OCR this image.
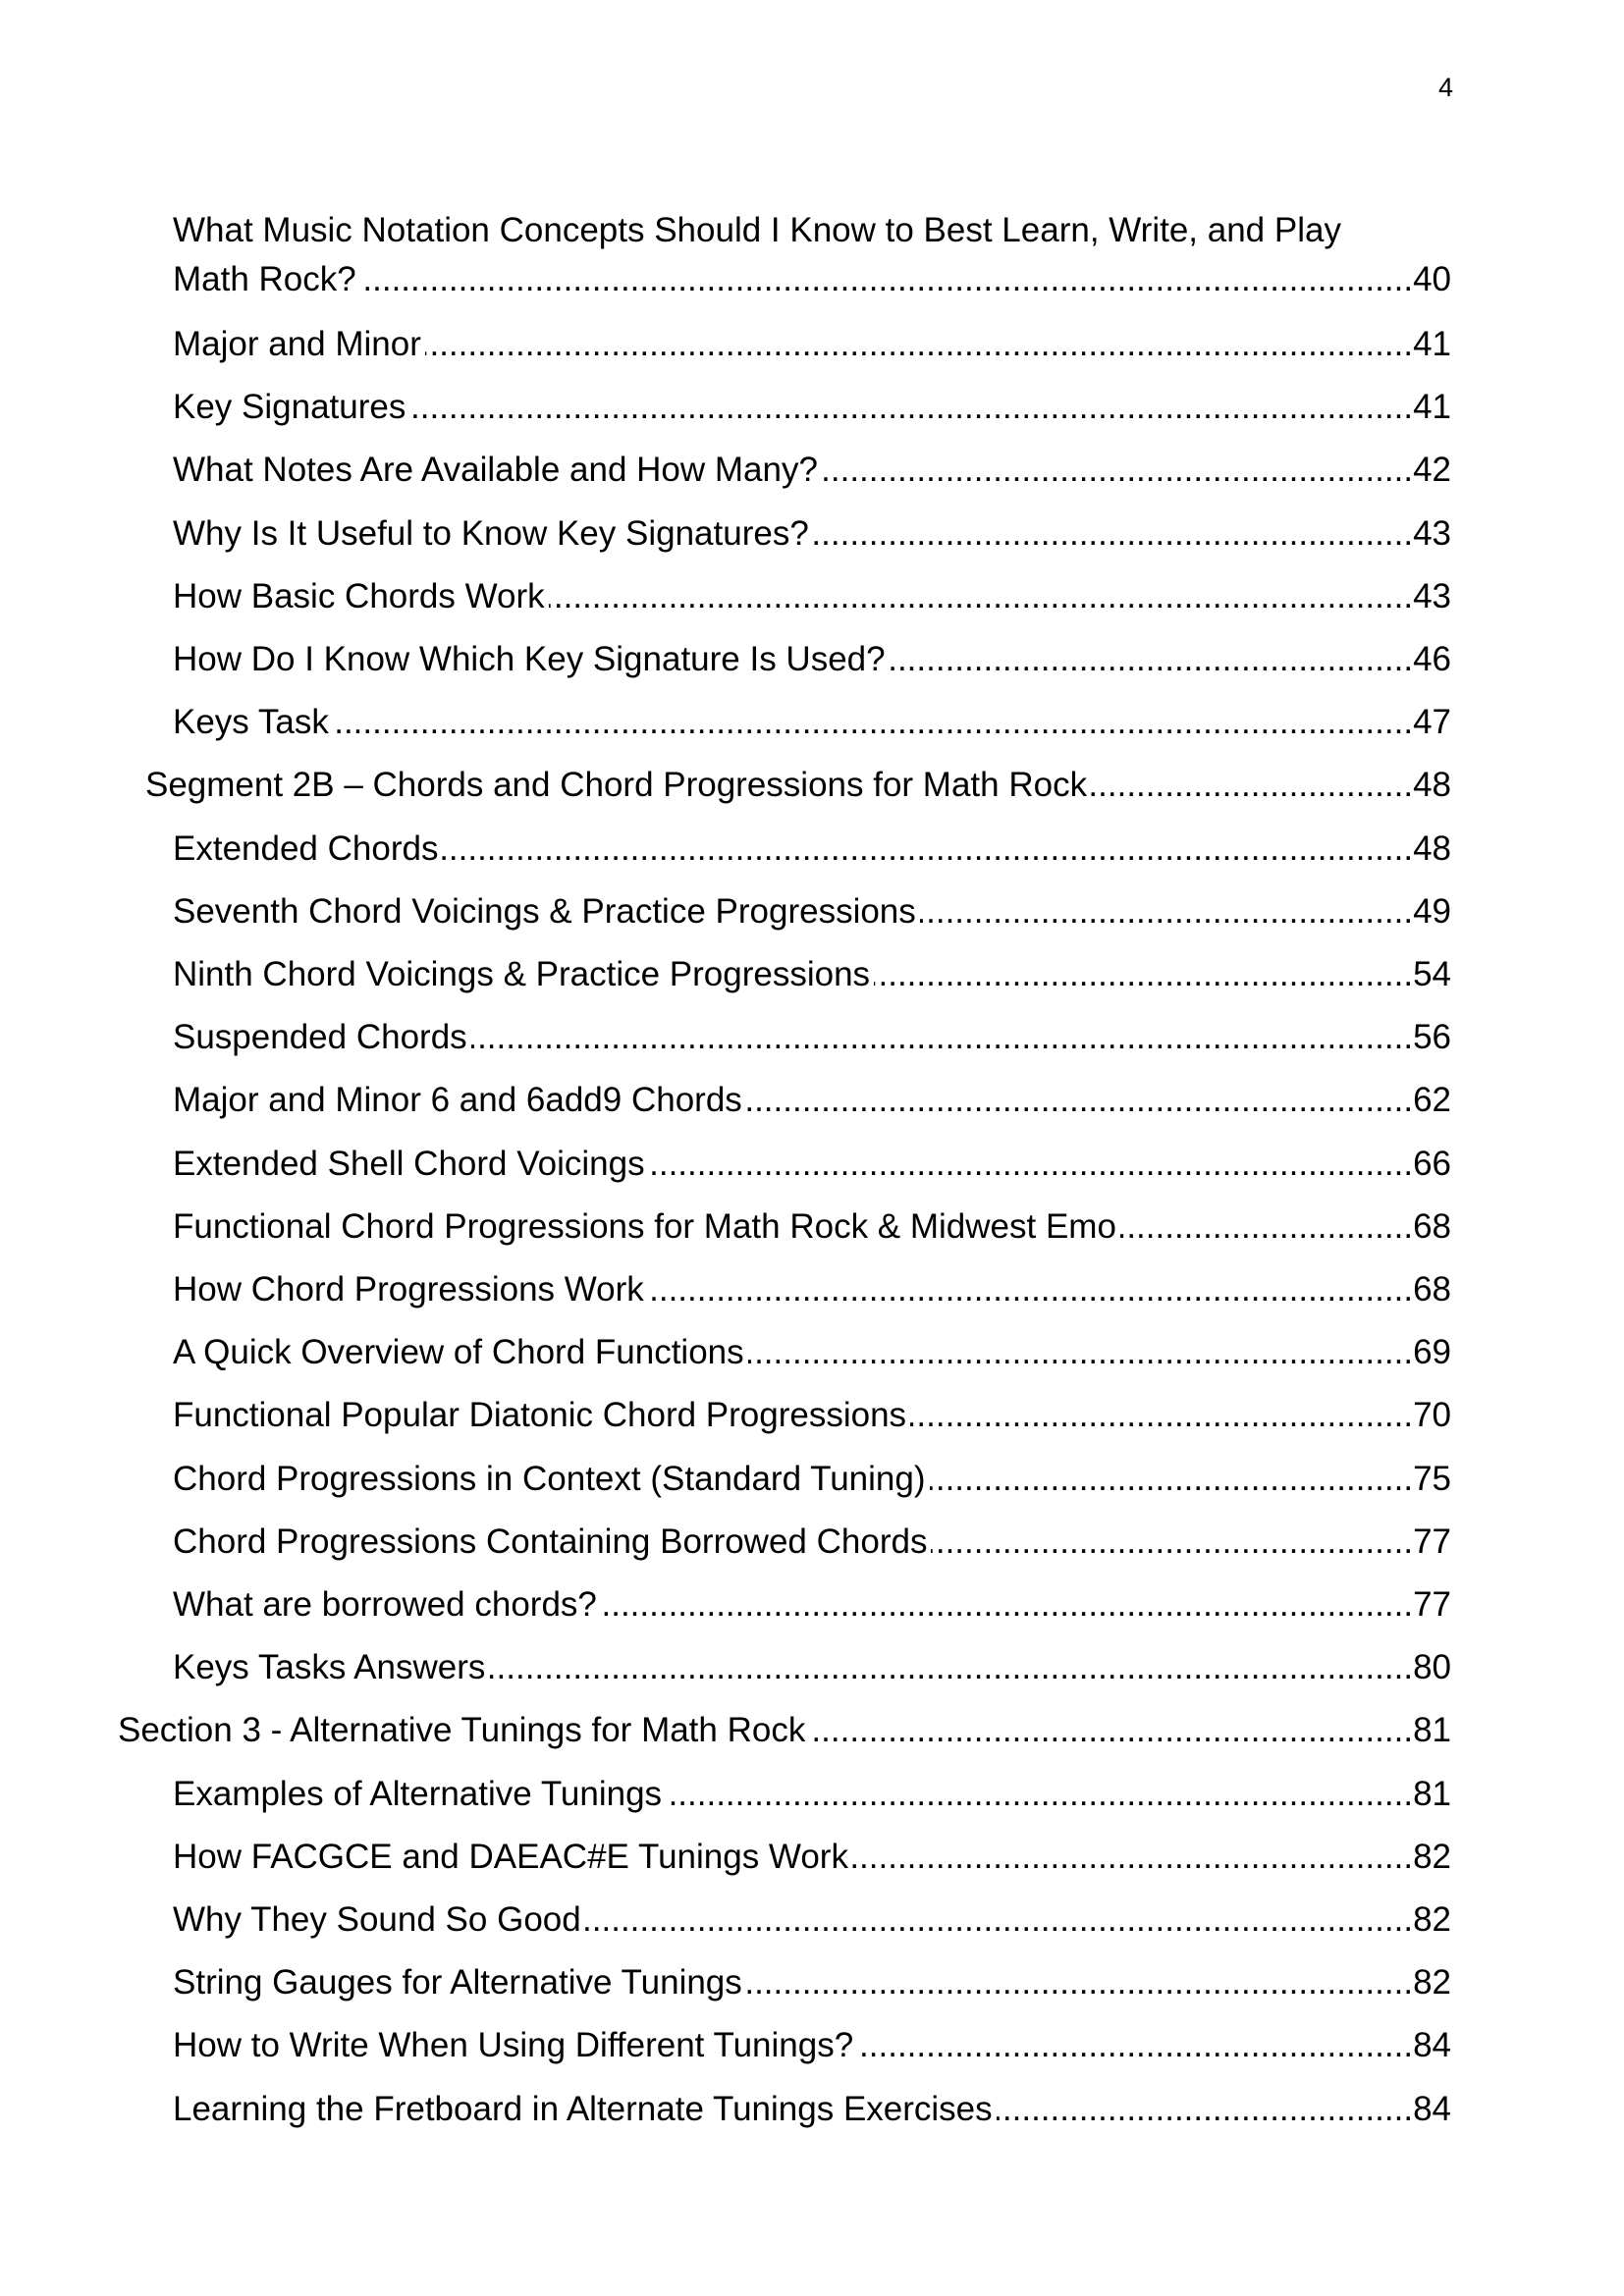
4
What Music Notation Concepts Should I Know to Best Learn, Write, and Play
Math Rock? .....	40
Major and Minor .....	41
Key Signatures .....	41
What Notes Are Available and How Many? .....	42
Why Is It Useful to Know Key Signatures? .....	43
How Basic Chords Work .....	43
How Do I Know Which Key Signature Is Used? .....	46
Keys Task .....	47
Segment 2B – Chords and Chord Progressions for Math Rock .....	48
Extended Chords .....	48
Seventh Chord Voicings & Practice Progressions .....	49
Ninth Chord Voicings & Practice Progressions .....	54
Suspended Chords .....	56
Major and Minor 6 and 6add9 Chords .....	62
Extended Shell Chord Voicings .....	66
Functional Chord Progressions for Math Rock & Midwest Emo .....	68
How Chord Progressions Work .....	68
A Quick Overview of Chord Functions .....	69
Functional Popular Diatonic Chord Progressions .....	70
Chord Progressions in Context (Standard Tuning) .....	75
Chord Progressions Containing Borrowed Chords .....	77
What are borrowed chords? .....	77
Keys Tasks Answers .....	80
Section 3 - Alternative Tunings for Math Rock .....	81
Examples of Alternative Tunings .....	81
How FACGCE and DAEAC#E Tunings Work .....	82
Why They Sound So Good .....	82
String Gauges for Alternative Tunings .....	82
How to Write When Using Different Tunings? .....	84
Learning the Fretboard in Alternate Tunings Exercises .....	84
